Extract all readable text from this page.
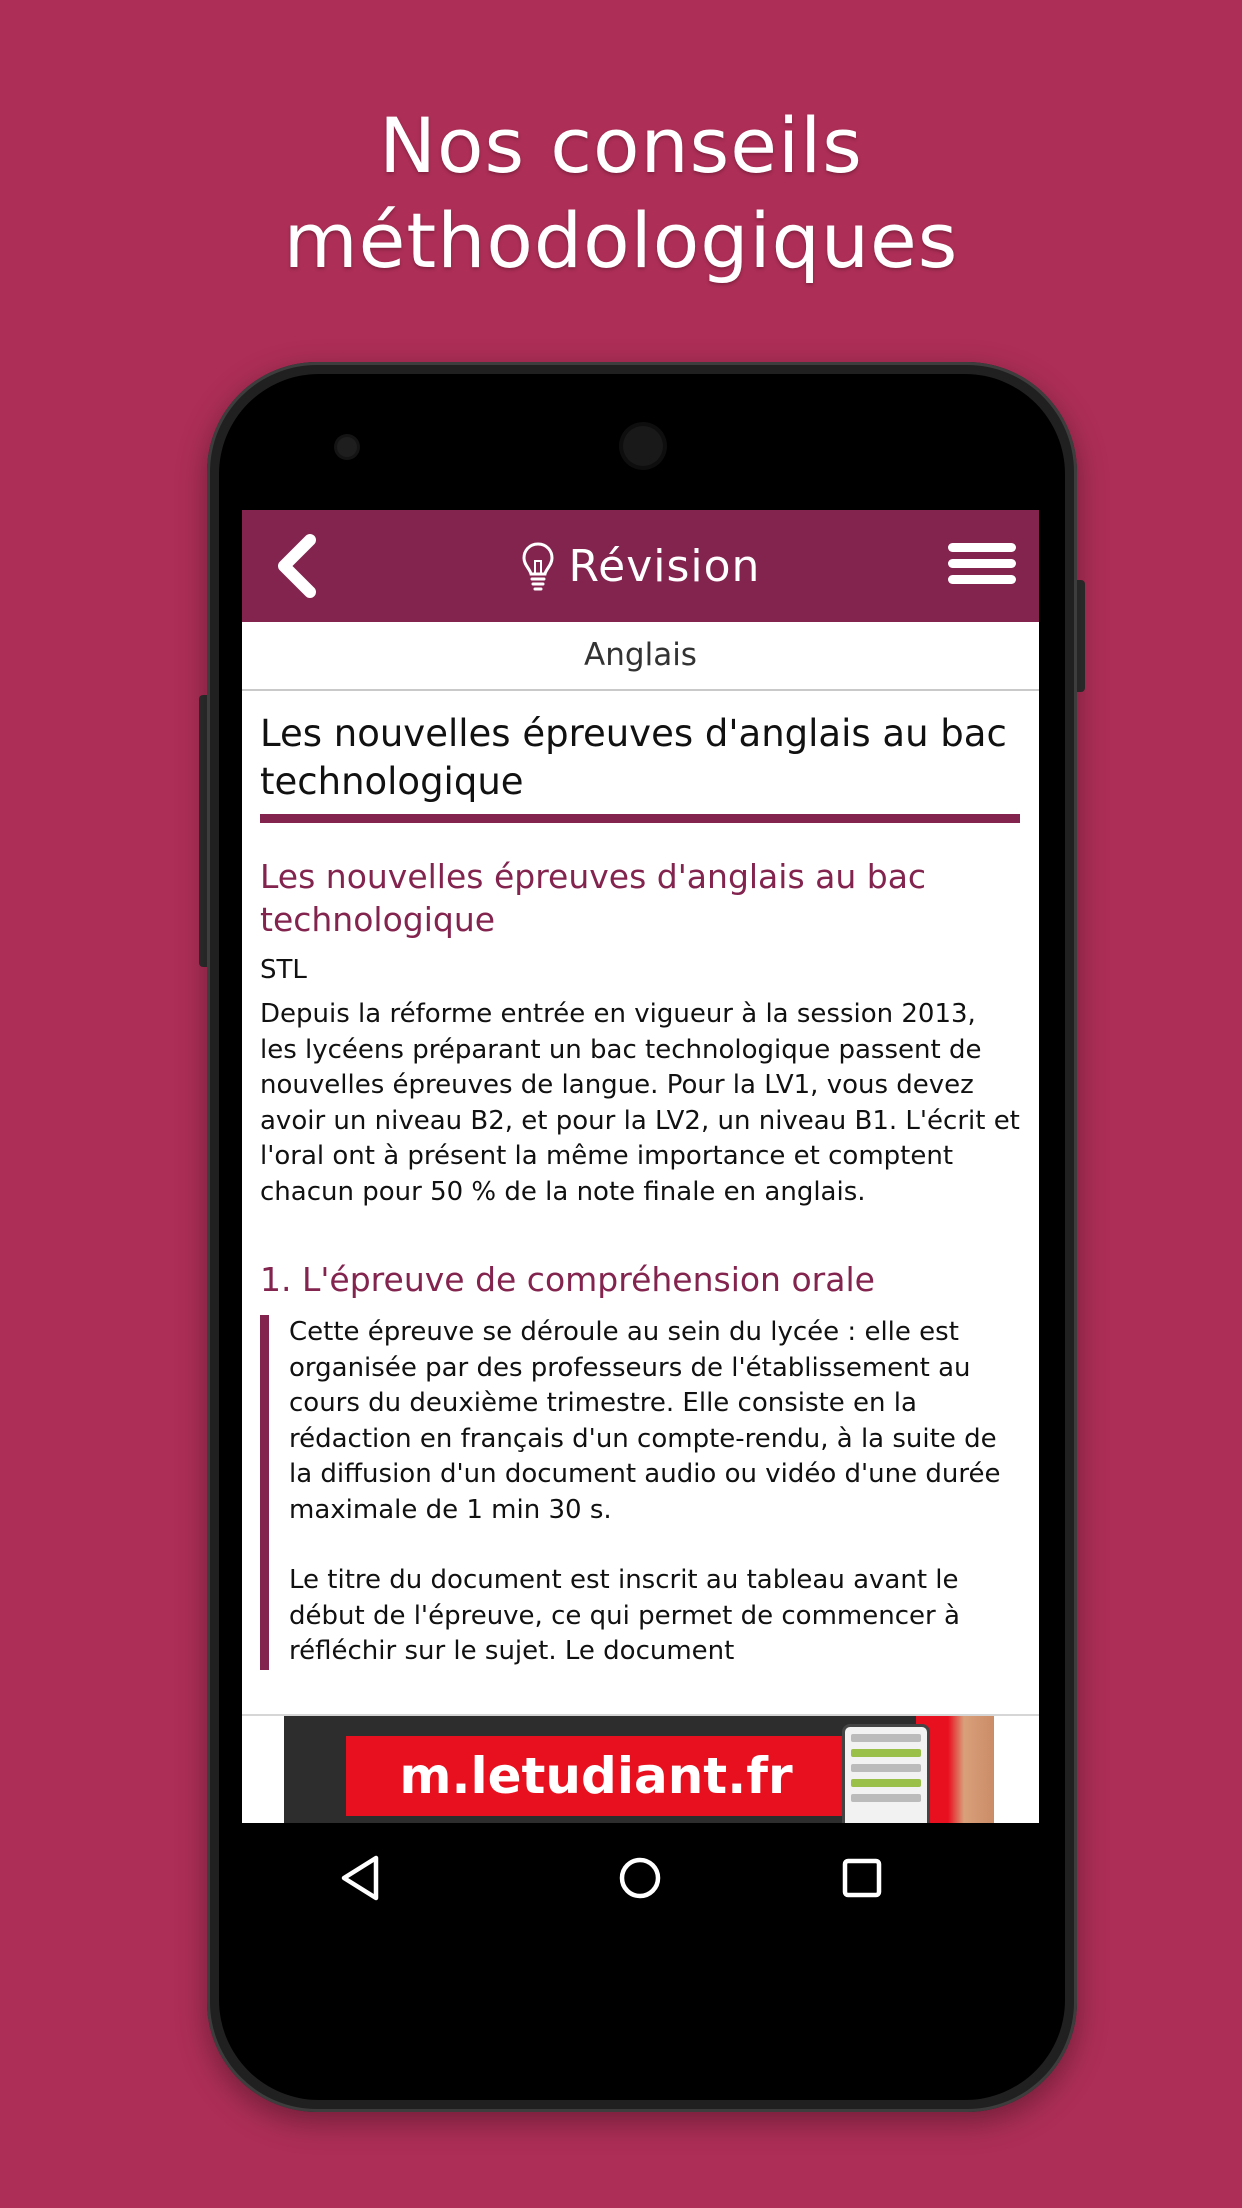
Nos conseils
méthodologiques
Révision
Anglais
Les nouvelles épreuves d'anglais au bac technologique
Les nouvelles épreuves d'anglais au bac technologique
STL
Depuis la réforme entrée en vigueur à la session 2013, les lycéens préparant un bac technologique passent de nouvelles épreuves de langue. Pour la LV1, vous devez avoir un niveau B2, et pour la LV2, un niveau B1. L'écrit et l'oral ont à présent la même importance et comptent chacun pour 50 % de la note finale en anglais.
1. L'épreuve de compréhension orale

Cette épreuve se déroule au sein du lycée : elle est organisée par des professeurs de l'établissement au cours du deuxième trimestre. Elle consiste en la rédaction en français d'un compte-rendu, à la suite de la diffusion d'un document audio ou vidéo d'une durée maximale de 1 min 30 s.

Le titre du document est inscrit au tableau avant le début de l'épreuve, ce qui permet de commencer à réfléchir sur le sujet. Le document

m.letudiant.fr
